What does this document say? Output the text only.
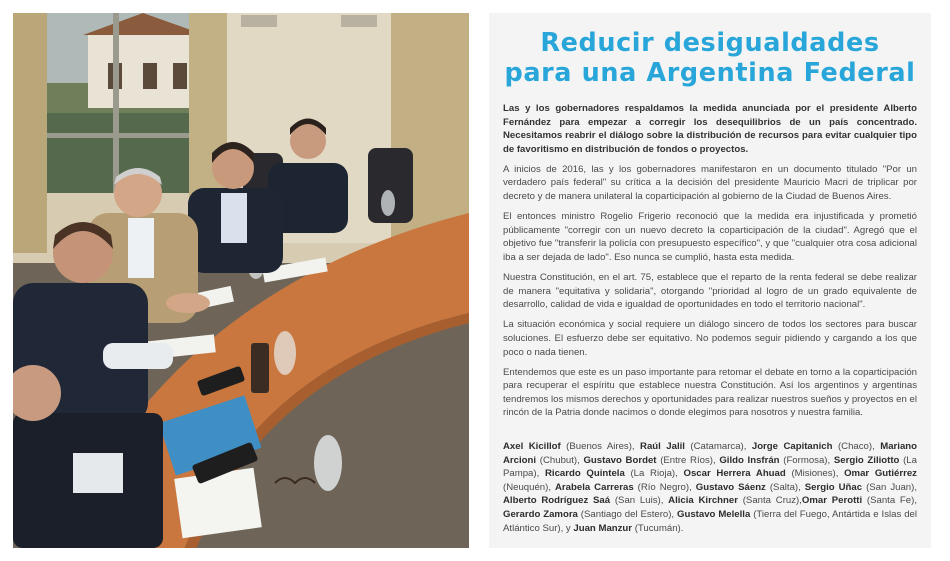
Reducir desigualdades
para una Argentina Federal

Las y los gobernadores respaldamos la medida anunciada por el presidente Alberto Fernández para empezar a corregir los desequilibrios de un país concentrado. Necesitamos reabrir el diálogo sobre la distribución de recursos para evitar cualquier tipo de favoritismo en distribución de fondos o proyectos.

A inicios de 2016, las y los gobernadores manifestaron en un documento titulado "Por un verdadero país federal" su crítica a la decisión del presidente Mauricio Macri de triplicar por decreto y de manera unilateral la coparticipación al gobierno de la Ciudad de Buenos Aires.

El entonces ministro Rogelio Frigerio reconoció que la medida era injustificada y prometió públicamente "corregir con un nuevo decreto la coparticipación de la ciudad". Agregó que el objetivo fue "transferir la policía con presupuesto específico", y que "cualquier otra cosa adicional iba a ser dejada de lado". Eso nunca se cumplió, hasta esta medida.

Nuestra Constitución, en el art. 75, establece que el reparto de la renta federal se debe realizar de manera "equitativa y solidaria", otorgando "prioridad al logro de un grado equivalente de desarrollo, calidad de vida e igualdad de oportunidades en todo el territorio nacional".

La situación económica y social requiere un diálogo sincero de todos los sectores para buscar soluciones. El esfuerzo debe ser equitativo. No podemos seguir pidiendo y cargando a los que poco o nada tienen.

Entendemos que este es un paso importante para retomar el debate en torno a la coparticipación para recuperar el espíritu que establece nuestra Constitución. Así los argentinos y argentinas tendremos los mismos derechos y oportunidades para realizar nuestros sueños y proyectos en el rincón de la Patria donde nacimos o donde elegimos para nosotros y nuestra familia.

Axel Kicillof (Buenos Aires), Raúl Jalil (Catamarca), Jorge Capitanich (Chaco), Mariano Arcioni (Chubut), Gustavo Bordet (Entre Ríos), Gildo Insfrán (Formosa), Sergio Ziliotto (La Pampa), Ricardo Quintela (La Rioja), Oscar Herrera Ahuad (Misiones), Omar Gutiérrez (Neuquén), Arabela Carreras (Río Negro), Gustavo Sáenz (Salta), Sergio Uñac (San Juan), Alberto Rodríguez Saá (San Luis), Alicia Kirchner (Santa Cruz),Omar Perotti (Santa Fe), Gerardo Zamora (Santiago del Estero), Gustavo Melella (Tierra del Fuego, Antártida e Islas del Atlántico Sur), y Juan Manzur (Tucumán).
